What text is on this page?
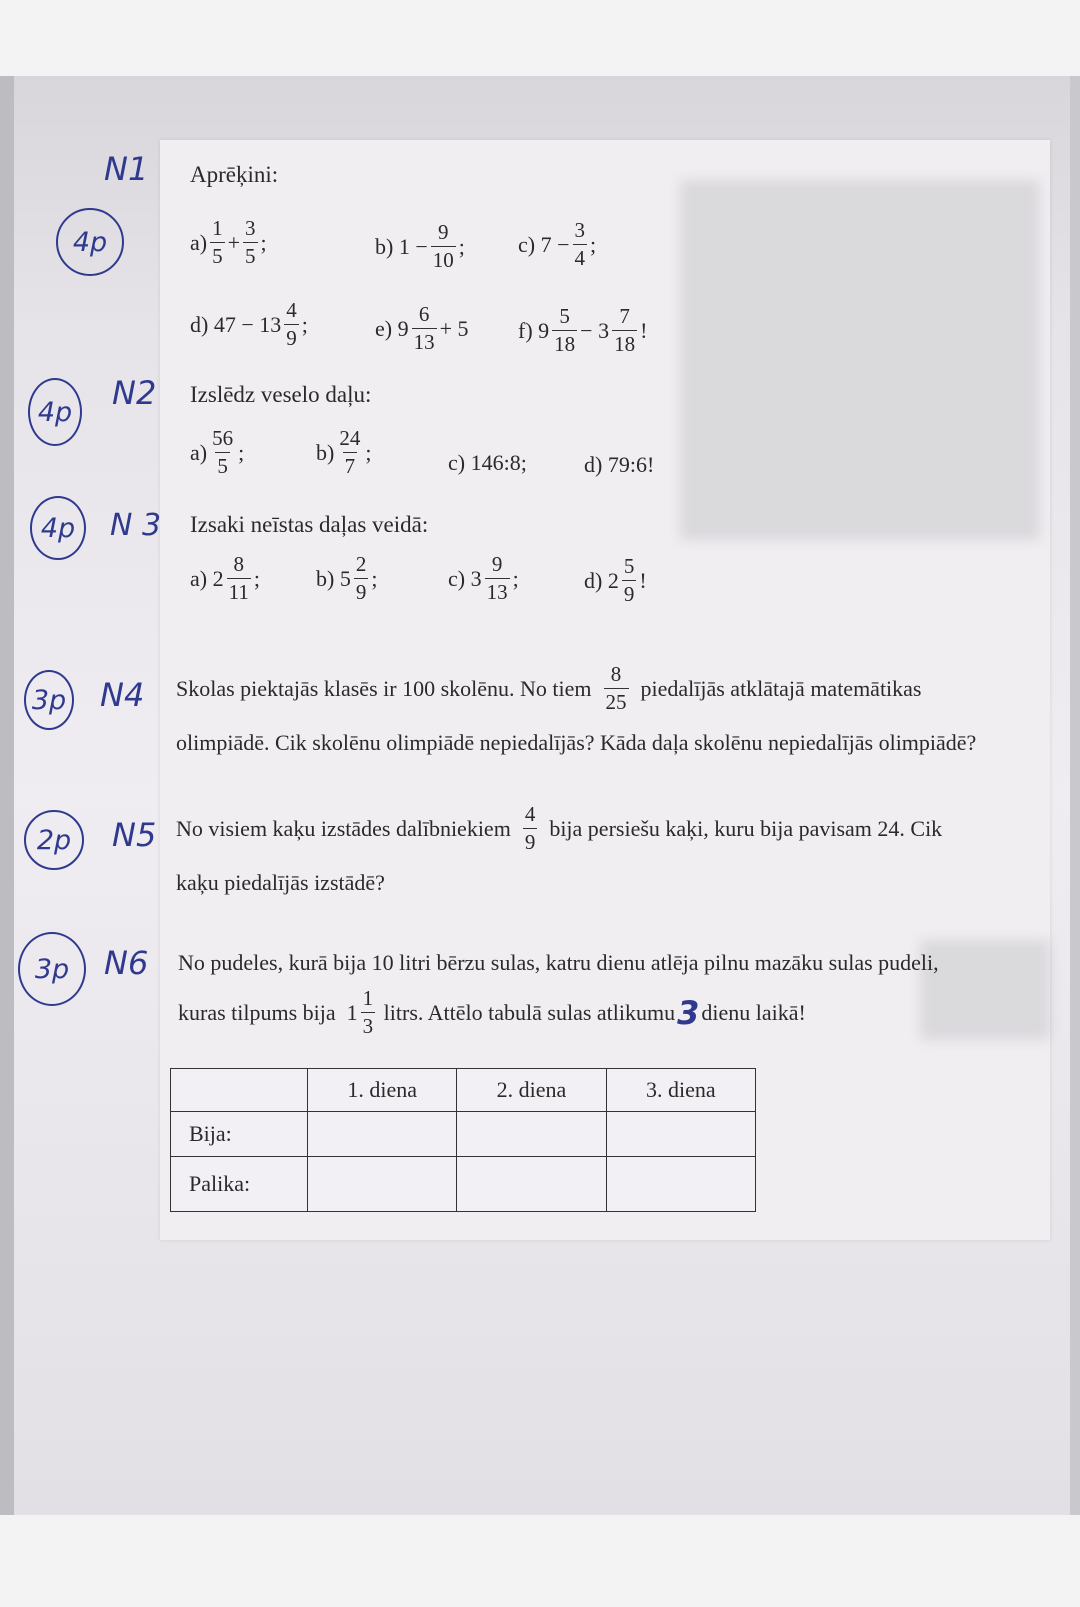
N1
4p
Aprēķini:
$a) \frac{1}{5} + \frac{3}{5}$ ;	b)
$1 - \frac{9}{10}$ ; c)
$7 - \frac{3}{4}$ ;
d)
$47 - 13 \frac{4}{9}$ ;	e)
$9 \frac{6}{13} + 5$ f)
$9 \frac{5}{18} - 3 \frac{7}{18}$ !
4p	N2 Izslēdz veselo daļu:
$a) \frac{56}{5}$ ;	$b) \frac{24}{7}$ ;	c)
146:8;	d)
79:6!
4p	N 3 Izsaki neīstas daļas veidā:
a)
$2 \frac{8}{11}$ ;	b)
$5 \frac{2}{9}$ ;	c)
$3 \frac{9}{13}$ ;	d)
$2 \frac{5}{9}$ !
3p N4 Skolas piektajās klasēs ir 100 skolēnu. No tiem $\frac{8}{25}$ piedalījās atklātajā matemātikas
olimpiādē. Cik skolēnu olimpiādē nepiedalījās? Kāda daļa skolēnu nepiedalījās olimpiādē?
2p	N5 No visiem kaķu izstādes dalībniekiem $\frac{4}{9}$ bija persiešu kaķi, kuru bija pavisam 24. Cik
kaķu piedalījās izstādē?
3p	N6 No pudeles, kurā bija 10 litri bērzu sulas, katru dienu atlēja pilnu mazāku sulas pudeli,
kuras tilpums bija
$1 \frac{1}{3}$
litrs. Attēlo tabulā sulas atlikumu 3 dienu laikā!
	1. diena	2. diena	3. diena
Bija:			
Palika:			
